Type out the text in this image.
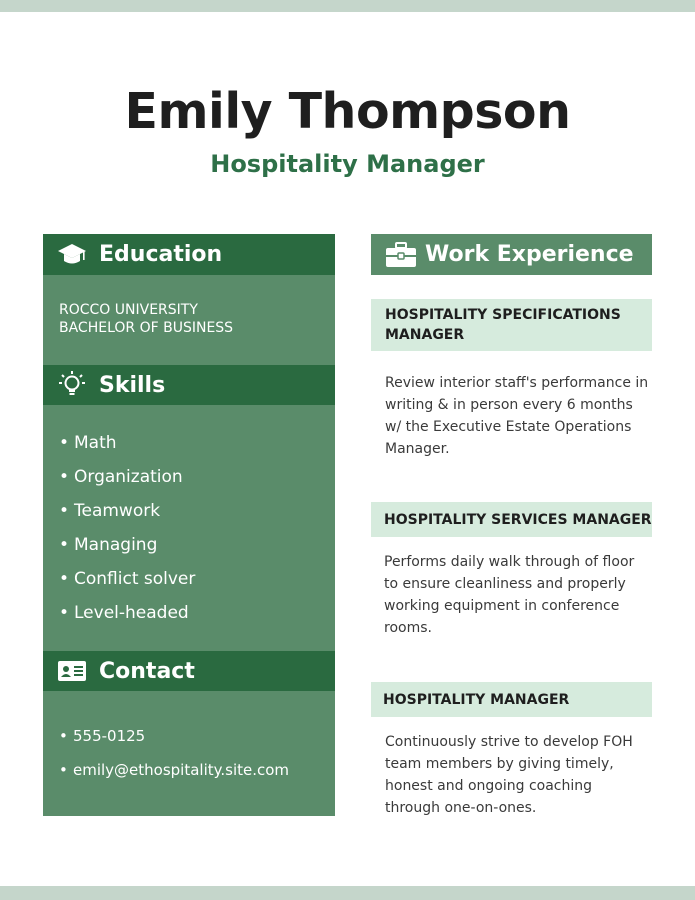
Emily Thompson
Hospitality Manager
Education
ROCCO UNIVERSITY
BACHELOR OF BUSINESS
Skills
• Math
• Organization
• Teamwork
• Managing
• Conflict solver
• Level-headed
Contact
• 555-0125
• emily@ethospitality.site.com
Work Experience
HOSPITALITY SPECIFICATIONS MANAGER
Review interior staff's performance in writing & in person every 6 months w/ the Executive Estate Operations Manager.
HOSPITALITY SERVICES MANAGER
Performs daily walk through of floor to ensure cleanliness and properly working equipment in conference rooms.
HOSPITALITY MANAGER
Continuously strive to develop FOH team members by giving timely, honest and ongoing coaching through one-on-ones.
